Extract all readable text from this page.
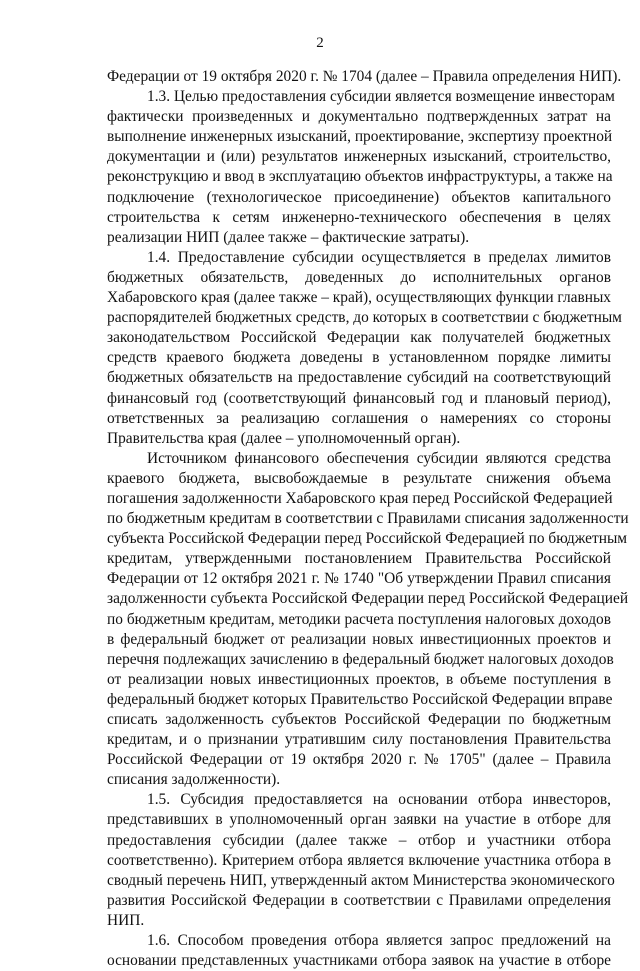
2
Федерации от 19 октября 2020 г. № 1704 (далее – Правила определения НИП).
1.3. Целью предоставления субсидии является возмещение инвесторам
фактически произведенных и документально подтвержденных затрат на
выполнение инженерных изысканий, проектирование, экспертизу проектной
документации и (или) результатов инженерных изысканий, строительство,
реконструкцию и ввод в эксплуатацию объектов инфраструктуры, а также на
подключение (технологическое присоединение) объектов капитального
строительства к сетям инженерно-технического обеспечения в целях
реализации НИП (далее также – фактические затраты).
1.4. Предоставление субсидии осуществляется в пределах лимитов
бюджетных обязательств, доведенных до исполнительных органов
Хабаровского края (далее также – край), осуществляющих функции главных
распорядителей бюджетных средств, до которых в соответствии с бюджетным
законодательством Российской Федерации как получателей бюджетных
средств краевого бюджета доведены в установленном порядке лимиты
бюджетных обязательств на предоставление субсидий на соответствующий
финансовый год (соответствующий финансовый год и плановый период),
ответственных за реализацию соглашения о намерениях со стороны
Правительства края (далее – уполномоченный орган).
Источником финансового обеспечения субсидии являются средства
краевого бюджета, высвобождаемые в результате снижения объема
погашения задолженности Хабаровского края перед Российской Федерацией
по бюджетным кредитам в соответствии с Правилами списания задолженности
субъекта Российской Федерации перед Российской Федерацией по бюджетным
кредитам, утвержденными постановлением Правительства Российской
Федерации от 12 октября 2021 г. № 1740 "Об утверждении Правил списания
задолженности субъекта Российской Федерации перед Российской Федерацией
по бюджетным кредитам, методики расчета поступления налоговых доходов
в федеральный бюджет от реализации новых инвестиционных проектов и
перечня подлежащих зачислению в федеральный бюджет налоговых доходов
от реализации новых инвестиционных проектов, в объеме поступления в
федеральный бюджет которых Правительство Российской Федерации вправе
списать задолженность субъектов Российской Федерации по бюджетным
кредитам, и о признании утратившим силу постановления Правительства
Российской Федерации от 19 октября 2020 г. № 1705" (далее – Правила
списания задолженности).
1.5. Субсидия предоставляется на основании отбора инвесторов,
представивших в уполномоченный орган заявки на участие в отборе для
предоставления субсидии (далее также – отбор и участники отбора
соответственно). Критерием отбора является включение участника отбора в
сводный перечень НИП, утвержденный актом Министерства экономического
развития Российской Федерации в соответствии с Правилами определения
НИП.
1.6. Способом проведения отбора является запрос предложений на
основании представленных участниками отбора заявок на участие в отборе
